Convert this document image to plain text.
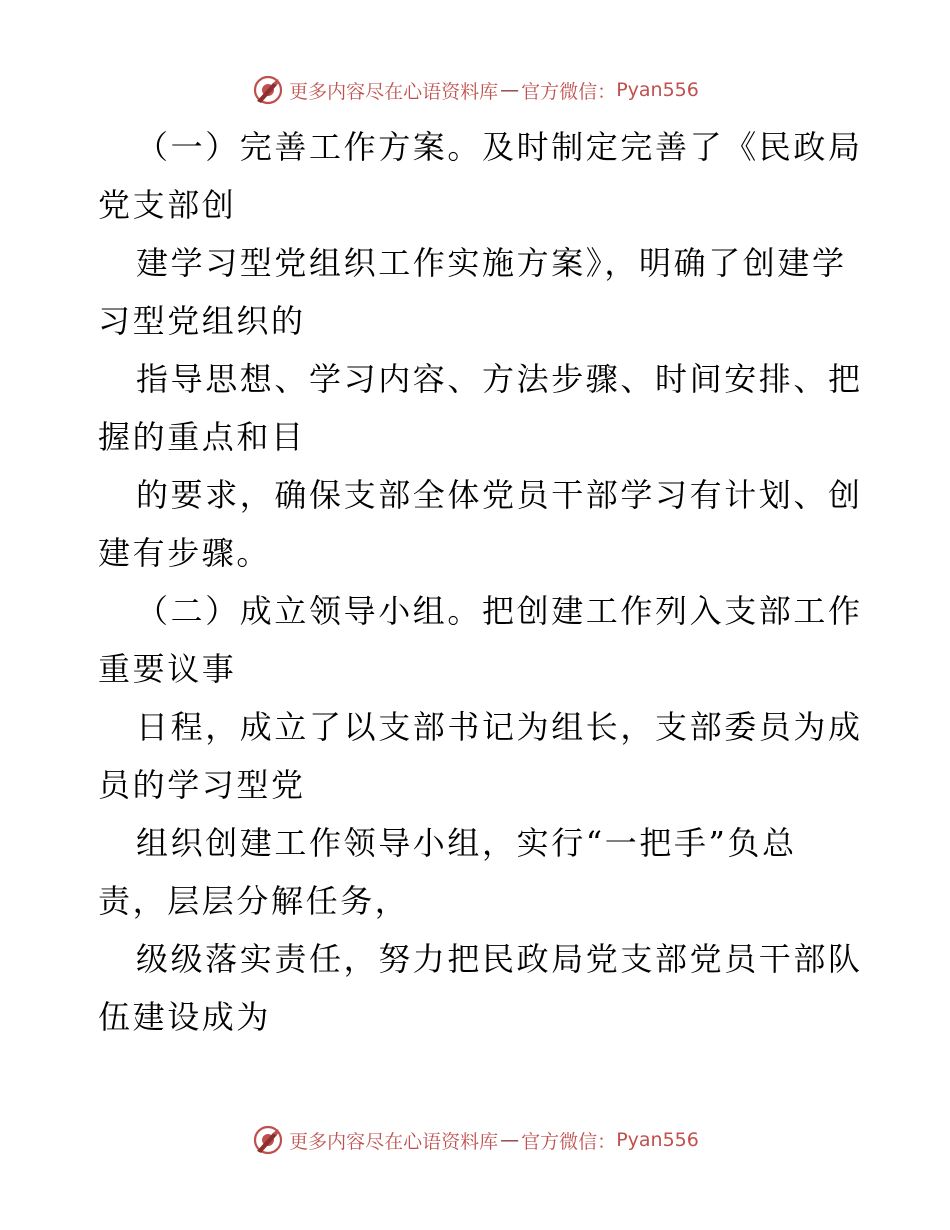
更多内容尽在心语资料库 — 官方微信： Pyan556
（一）完善工作方案。及时制定完善了《民政局
党支部创
建学习型党组织工作实施方案》，明确了创建学
习型党组织的
指导思想、学习内容、方法步骤、时间安排、把
握的重点和目
的要求，确保支部全体党员干部学习有计划、创
建有步骤。
（二）成立领导小组。把创建工作列入支部工作
重要议事
日程，成立了以支部书记为组长，支部委员为成
员的学习型党
组织创建工作领导小组，实行“一把手”负总
责，层层分解任务，
级级落实责任，努力把民政局党支部党员干部队
伍建设成为
更多内容尽在心语资料库 — 官方微信： Pyan556
